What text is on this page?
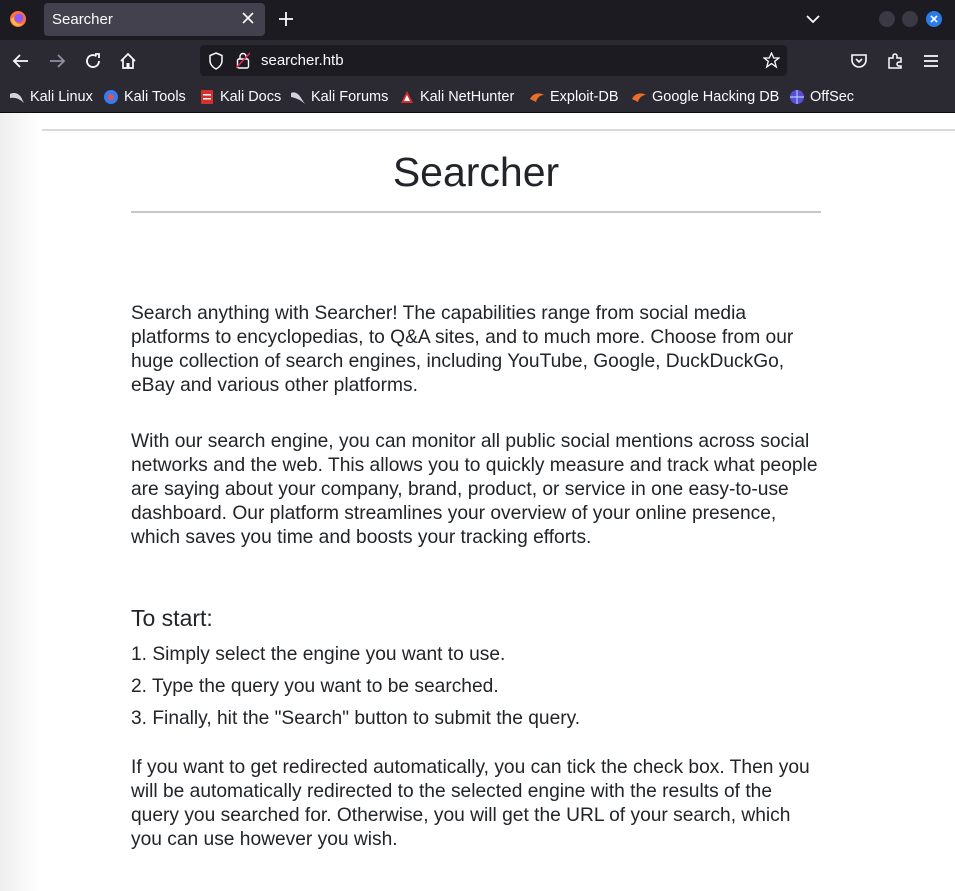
Searcher
searcher.htb
Kali Linux Kali Tools Kali Docs Kali Forums Kali NetHunter Exploit-DB Google Hacking DB OffSec
Searcher

Search anything with Searcher! The capabilities range from social media platforms to encyclopedias, to Q&A sites, and to much more. Choose from our huge collection of search engines, including YouTube, Google, DuckDuckGo, eBay and various other platforms.

With our search engine, you can monitor all public social mentions across social networks and the web. This allows you to quickly measure and track what people are saying about your company, brand, product, or service in one easy-to-use dashboard. Our platform streamlines your overview of your online presence, which saves you time and boosts your tracking efforts.

To start:
1. Simply select the engine you want to use.
2. Type the query you want to be searched.
3. Finally, hit the "Search" button to submit the query.

If you want to get redirected automatically, you can tick the check box. Then you will be automatically redirected to the selected engine with the results of the query you searched for. Otherwise, you will get the URL of your search, which you can use however you wish.
